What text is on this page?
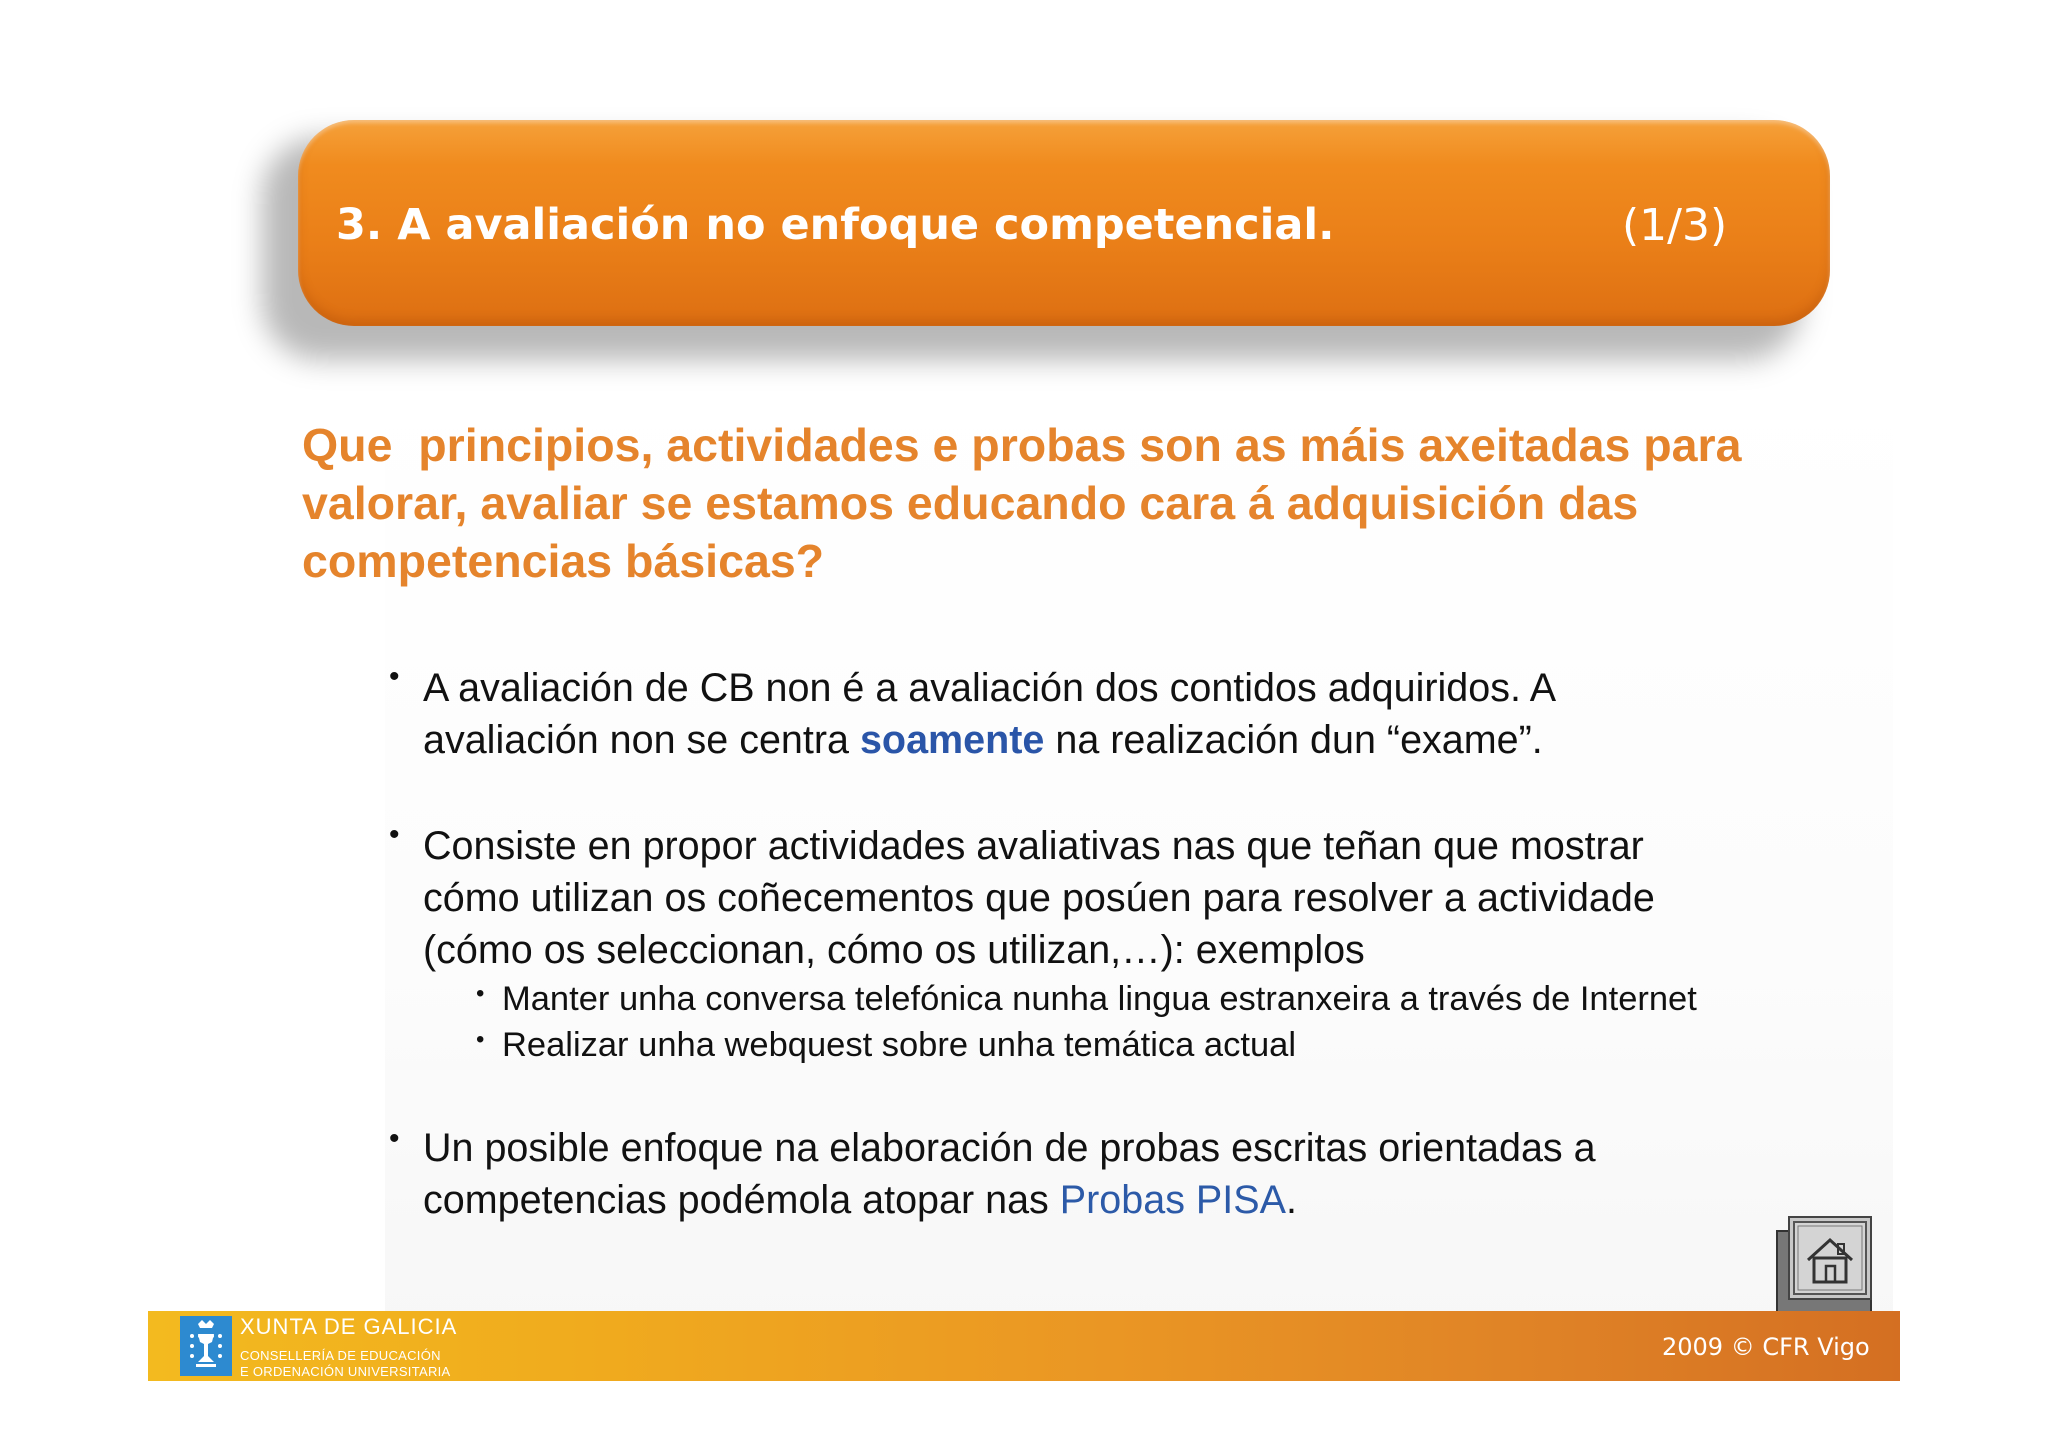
3. A avaliación no enfoque competencial.	(1/3)
Que  principios, actividades e probas son as máis axeitadas para
valorar, avaliar se estamos educando cara á adquisición das
competencias básicas?
• A avaliación de CB non é a avaliación dos contidos adquiridos. A
avaliación non se centra soamente na realización dun “exame”.
• Consiste en propor actividades avaliativas nas que teñan que mostrar
cómo utilizan os coñecementos que posúen para resolver a actividade
(cómo os seleccionan, cómo os utilizan,…): exemplos
• Manter unha conversa telefónica nunha lingua estranxeira a través de Internet
• Realizar unha webquest sobre unha temática actual
• Un posible enfoque na elaboración de probas escritas orientadas a
competencias podémola atopar nas Probas PISA.
XUNTA DE GALICIA
CONSELLERÍA DE EDUCACIÓN
E ORDENACIÓN UNIVERSITARIA
2009 © CFR Vigo
